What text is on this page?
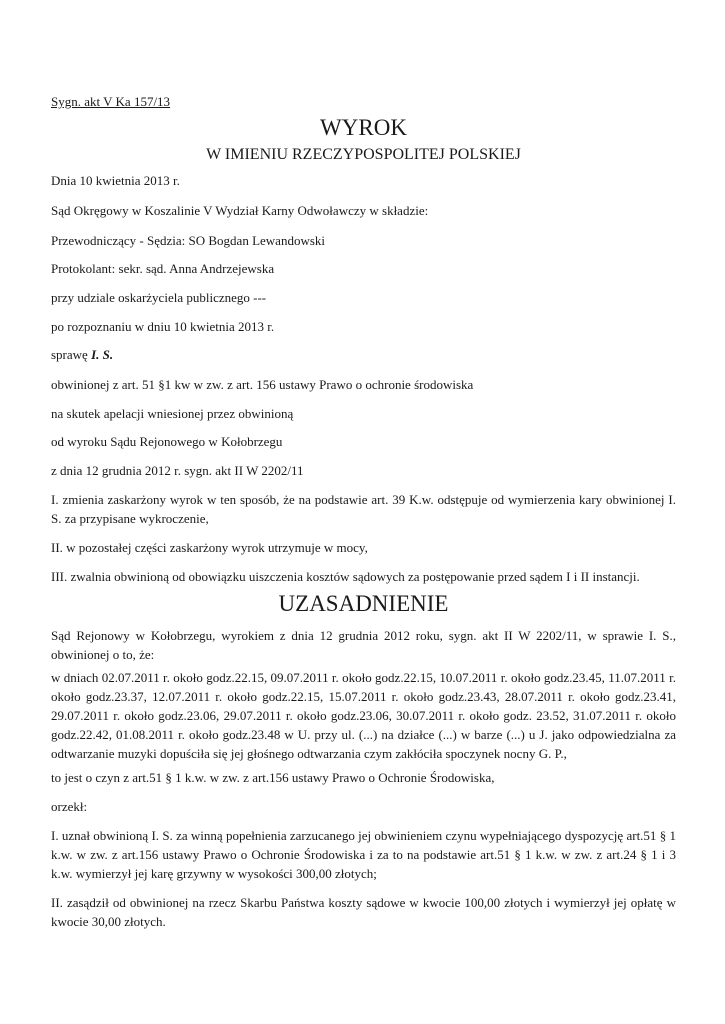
Sygn. akt V Ka 157/13
WYROK
W IMIENIU RZECZYPOSPOLITEJ POLSKIEJ
Dnia 10 kwietnia 2013 r.
Sąd Okręgowy w Koszalinie V Wydział Karny Odwoławczy w składzie:
Przewodniczący - Sędzia: SO Bogdan Lewandowski
Protokolant: sekr. sąd. Anna Andrzejewska
przy udziale oskarżyciela publicznego ---
po rozpoznaniu w dniu 10 kwietnia 2013 r.
sprawę I. S.
obwinionej z art. 51 §1 kw w zw. z art. 156 ustawy Prawo o ochronie środowiska
na skutek apelacji wniesionej przez obwinioną
od wyroku Sądu Rejonowego w Kołobrzegu
z dnia 12 grudnia 2012 r. sygn. akt II W 2202/11
I. zmienia zaskarżony wyrok w ten sposób, że na podstawie art. 39 K.w. odstępuje od wymierzenia kary obwinionej I. S. za przypisane wykroczenie,
II. w pozostałej części zaskarżony wyrok utrzymuje w mocy,
III. zwalnia obwinioną od obowiązku uiszczenia kosztów sądowych za postępowanie przed sądem I i II instancji.
UZASADNIENIE
Sąd Rejonowy w Kołobrzegu, wyrokiem z dnia 12 grudnia 2012 roku, sygn. akt II W 2202/11, w sprawie I. S., obwinionej o to, że:
w dniach 02.07.2011 r. około godz.22.15, 09.07.2011 r. około godz.22.15, 10.07.2011 r. około godz.23.45, 11.07.2011 r. około godz.23.37, 12.07.2011 r. około godz.22.15, 15.07.2011 r. około godz.23.43, 28.07.2011 r. około godz.23.41, 29.07.2011 r. około godz.23.06, 29.07.2011 r. około godz.23.06, 30.07.2011 r. około godz. 23.52, 31.07.2011 r. około godz.22.42, 01.08.2011 r. około godz.23.48 w U. przy ul. (...) na działce (...) w barze (...) u J. jako odpowiedzialna za odtwarzanie muzyki dopuściła się jej głośnego odtwarzania czym zakłóciła spoczynek nocny G. P.,
to jest o czyn z art.51 § 1 k.w. w zw. z art.156 ustawy Prawo o Ochronie Środowiska,
orzekł:
I. uznał obwinioną I. S. za winną popełnienia zarzucanego jej obwinieniem czynu wypełniającego dyspozycję art.51 § 1 k.w. w zw. z art.156 ustawy Prawo o Ochronie Środowiska i za to na podstawie art.51 § 1 k.w. w zw. z art.24 § 1 i 3 k.w. wymierzył jej karę grzywny w wysokości 300,00 złotych;
II. zasądził od obwinionej na rzecz Skarbu Państwa koszty sądowe w kwocie 100,00 złotych i wymierzył jej opłatę w kwocie 30,00 złotych.
